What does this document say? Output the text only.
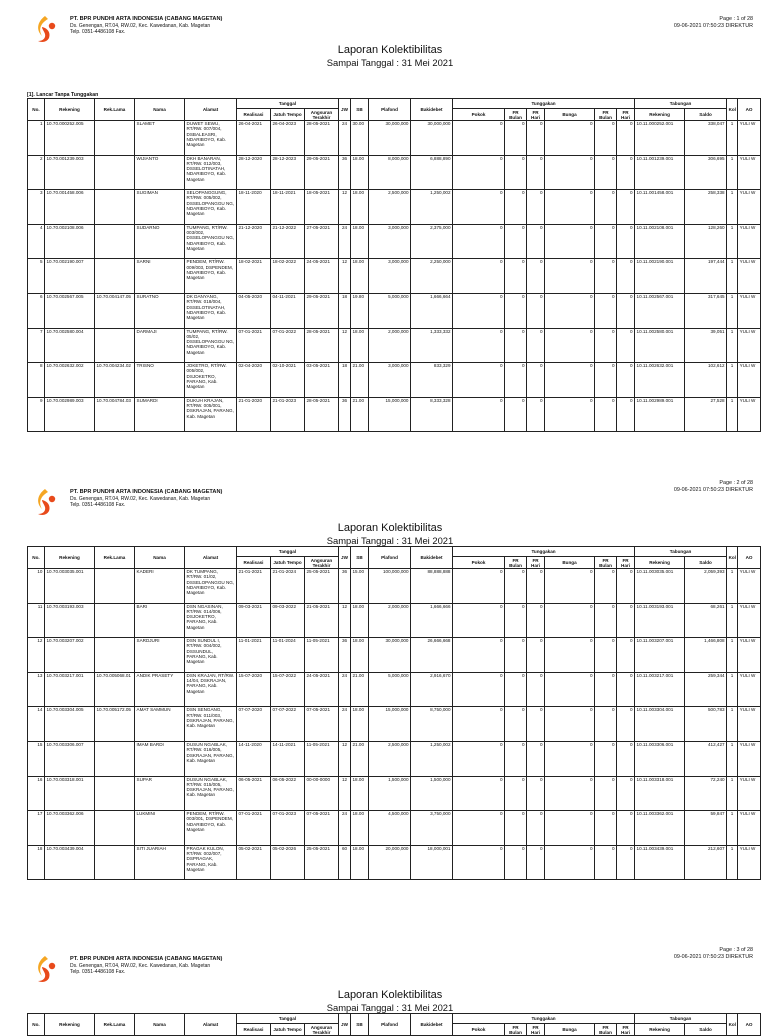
PT. BPR PUNDHI ARTA INDONESIA (CABANG MAGETAN)
Ds. Genengan, RT.04, RW.02, Kec. Kawedanan, Kab. Magetan
Telp. 0351-4486108 Fax.
Page : 1 of 28
09-06-2021 07:50:23 DIREKTUR
Laporan Kolektibilitas
Sampai Tanggal : 31 Mei 2021
[1]. Lancar Tanpa Tunggakan
No.	Rekening	Rek.Lama	Nama	Alamat	Tanggal			JW	SB	Plafond	Bakidebet	Tunggakan						Tabungan		Kol	AO
					Realisasi	Jatuh Tempo	Angsuran Terakhir					Pokok	FR Bulan	FR Hari	Bunga	FR Bulan	FR Hari	Rekening	Saldo		
1	10.70.000252.005		SLAMET	DUWET SEWU, RT/RW. 007/004, DSBALEASRI, NDARIBOYO, Kab. Magetan	26-04-2021	26-04-2023	28-05-2021	24	30.00	30,000,000	30,000,000	0	0	0	0	0	0	10.11.000252.001	338,047	1	YULI W
2	10.70.001239.003		WIJIANTO	DKH BANARAN, RT/RW. 012/003, DSSELOTINATAH, NDARIBOYO, Kab. Magetan	28-12-2020	28-12-2023	29-05-2021	36	18.00	8,000,000	6,888,890	0	0	0	0	0	0	10.11.001239.001	306,695	1	YULI W
3	10.70.001458.006		SUGIMAN	SELOPANGGUNG, RT/RW. 005/002, DSSELOPANGGU NG, NDARIBOYO, Kab. Magetan	18-11-2020	18-11-2021	18-05-2021	12	18.00	2,500,000	1,250,002	0	0	0	0	0	0	10.11.001458.001	258,338	1	YULI W
4	10.70.002108.006		SUDARNO	TUMPANG, RT/RW. 003/002, DSSELOPANGGU NG, NDARIBOYO, Kab. Magetan	21-12-2020	21-12-2022	27-05-2021	24	18.00	3,000,000	2,375,000	0	0	0	0	0	0	10.11.002108.001	128,260	1	YULI W
5	10.70.002190.007		SARNI	PENDEM, RT/RW. 009/003, DSPENDEM, NDARIBOYO, Kab. Magetan	18-02-2021	18-02-2022	24-05-2021	12	18.00	3,000,000	2,250,000	0	0	0	0	0	0	10.11.002190.001	197,444	1	YULI W
6	10.70.002567.005	10.70.004147.05	SURATNO	DK DANYANG, RT/RW. 018/004, DSSELOTINATAH, NDARIBOYO, Kab. Magetan	04-05-2020	04-11-2021	29-05-2021	18	19.80	5,000,000	1,666,664	0	0	0	0	0	0	10.11.002567.001	317,645	1	YULI W
7	10.70.002580.004		DARMAJI	TUMPANG, RT/RW. 05/02, DSSELOPANGGU NG, NDARIBOYO, Kab. Magetan	07-01-2021	07-01-2022	28-05-2021	12	18.00	2,000,000	1,333,332	0	0	0	0	0	0	10.11.002580.001	39,051	1	YULI W
8	10.70.002632.002	10.70.004234.02	TRISNO	JOKETRO, RT/RW. 005/002, DSJOKETRO, PARANG, Kab. Magetan	02-04-2020	02-10-2021	03-05-2021	18	21.00	3,000,000	833,329	0	0	0	0	0	0	10.11.002632.001	102,612	1	YULI W
9	10.70.002989.003	10.70.004784.03	SUMARDI	DUKUH KRAJAN, RT/RW. 005/001, DSKRAJAN, PARANG, Kab. Magetan	21-01-2020	21-01-2023	28-05-2021	36	21.00	15,000,000	8,333,328	0	0	0	0	0	0	10.11.002989.001	27,528	1	YULI W
PT. BPR PUNDHI ARTA INDONESIA (CABANG MAGETAN)
Ds. Genengan, RT.04, RW.02, Kec. Kawedanan, Kab. Magetan
Telp. 0351-4486108 Fax.
Page : 2 of 28
09-06-2021 07:50:23 DIREKTUR
Laporan Kolektibilitas
Sampai Tanggal : 31 Mei 2021
No.	Rekening	Rek.Lama	Nama	Alamat	Tanggal			JW	SB	Plafond	Bakidebet	Tunggakan						Tabungan		Kol	AO
					Realisasi	Jatuh Tempo	Angsuran Terakhir					Pokok	FR Bulan	FR Hari	Bunga	FR Bulan	FR Hari	Rekening	Saldo		
10	10.70.003035.001		KADERI	DK TUMPANG, RT/RW. 01/02, DSSELOPANGGU NG, NDARIBOYO, Kab. Magetan	21-01-2021	21-01-2024	25-05-2021	36	15.00	100,000,000	88,888,888	0	0	0	0	0	0	10.11.003035.001	2,059,393	1	YULI W
11	10.70.003193.003		BARI	DSN NGASINAN, RT/RW. 014/006, DSJOKETRO, PARANG, Kab. Magetan	09-03-2021	09-03-2022	21-05-2021	12	18.00	2,000,000	1,666,666	0	0	0	0	0	0	10.11.003193.001	68,261	1	YULI W
12	10.70.003207.002		SARDJURI	DSN SUNDUL I, RT/RW. 004/002, DSSUNDUL, PARANG, Kab. Magetan	11-01-2021	11-01-2024	11-05-2021	36	18.00	30,000,000	26,666,668	0	0	0	0	0	0	10.11.003207.001	1,466,808	1	YULI W
13	10.70.003217.001	10.70.005068.01	ANDIK PRASETY	DSN KRAJAN, RT/RW. 14/04, DSKRAJAN, PARANG, Kab. Magetan	15-07-2020	15-07-2022	24-05-2021	24	21.00	5,000,000	2,916,670	0	0	0	0	0	0	10.11.003217.001	259,344	1	YULI W
14	10.70.003304.005	10.70.005172.05	AMAT SAMMUN	DSN SENGANG, RT/RW. 011/003, DSKRAJAN, PARANG, Kab. Magetan	07-07-2020	07-07-2022	07-05-2021	24	18.00	15,000,000	8,750,000	0	0	0	0	0	0	10.11.003304.001	500,783	1	YULI W
15	10.70.003306.007		IMAM BARDI	DUSUN NGABLAK, RT/RW. 016/005, DSKRAJAN, PARANG, Kab. Magetan	14-11-2020	14-11-2021	11-05-2021	12	21.00	2,500,000	1,250,002	0	0	0	0	0	0	10.11.003306.001	412,427	1	YULI W
16	10.70.003318.001		SUPAR	DUSUN NGABLAK, RT/RW. 015/005, DSKRAJAN, PARANG, Kab. Magetan	06-05-2021	06-05-2022	00-00-0000	12	18.00	1,500,000	1,500,000	0	0	0	0	0	0	10.11.003318.001	72,240	1	YULI W
17	10.70.003362.006		LUKMINI	PENDEM, RT/RW. 003/001, DSPENDEM, NDARIBOYO, Kab. Magetan	07-01-2021	07-01-2023	07-05-2021	24	18.00	4,500,000	3,750,000	0	0	0	0	0	0	10.11.003362.001	59,847	1	YULI W
18	10.70.003439.004		SITI JUARIAH	PRAGAK KULON, RT/RW. 002/007, DSPRAGAK, PARANG, Kab. Magetan	05-02-2021	05-02-2026	25-05-2021	60	18.00	20,000,000	18,000,001	0	0	0	0	0	0	10.11.003439.001	212,607	1	YULI W
PT. BPR PUNDHI ARTA INDONESIA (CABANG MAGETAN)
Ds. Genengan, RT.04, RW.02, Kec. Kawedanan, Kab. Magetan
Telp. 0351-4486108 Fax.
Page : 3 of 28
09-06-2021 07:50:23 DIREKTUR
Laporan Kolektibilitas
Sampai Tanggal : 31 Mei 2021
No.	Rekening	Rek.Lama	Nama	Alamat	Tanggal			JW	SB	Plafond	Bakidebet	Tunggakan						Tabungan		Kol	AO
					Realisasi	Jatuh Tempo	Angsuran Terakhir					Pokok	FR Bulan	FR Hari	Bunga	FR Bulan	FR Hari	Rekening	Saldo		
